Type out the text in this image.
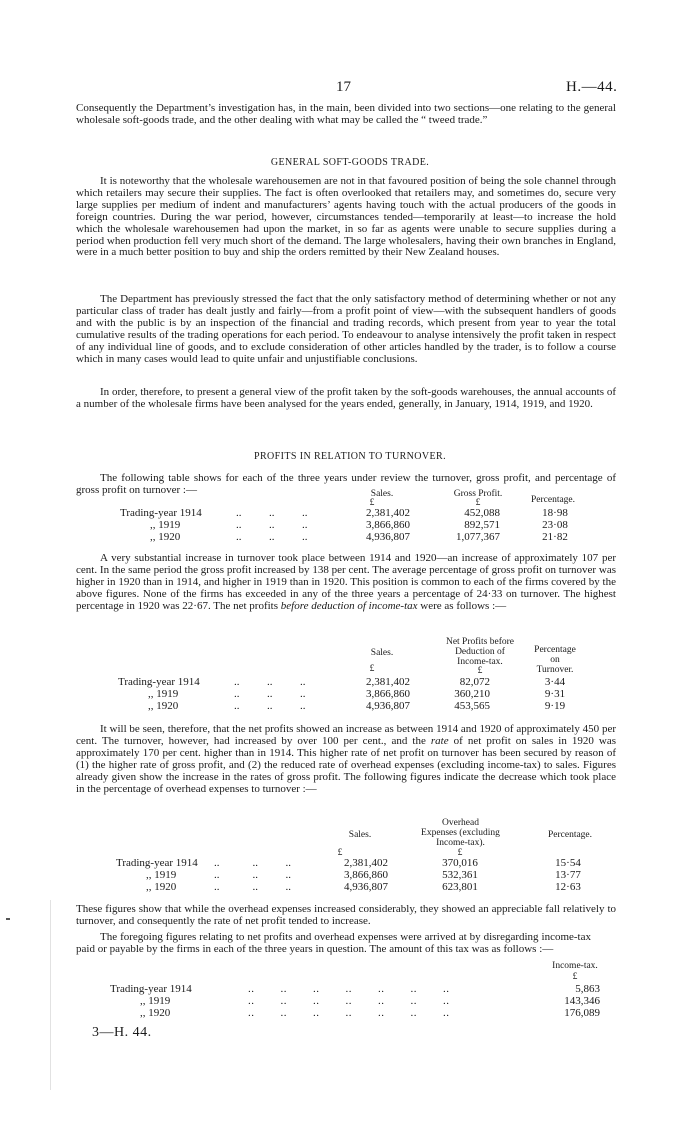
17	H.—44.

Consequently the Department’s investigation has, in the main, been divided into two sections—one relating to the general wholesale soft-goods trade, and the other dealing with what may be called the “ tweed trade.”

GENERAL SOFT-GOODS TRADE.

It is noteworthy that the wholesale warehousemen are not in that favoured position of being the sole channel through which retailers may secure their supplies. The fact is often overlooked that retailers may, and sometimes do, secure very large supplies per medium of indent and manufacturers’ agents having touch with the actual producers of the goods in foreign countries. During the war period, however, circumstances tended—temporarily at least—to increase the hold which the wholesale warehousemen had upon the market, in so far as agents were unable to secure supplies during a period when production fell very much short of the demand. The large wholesalers, having their own branches in England, were in a much better position to buy and ship the orders remitted by their New Zealand houses.

The Department has previously stressed the fact that the only satisfactory method of determining whether or not any particular class of trader has dealt justly and fairly—from a profit point of view—with the subsequent handlers of goods and with the public is by an inspection of the financial and trading records, which present from year to year the total cumulative results of the trading operations for each period. To endeavour to analyse intensively the profit taken in respect of any individual line of goods, and to exclude consideration of other articles handled by the trader, is to follow a course which in many cases would lead to quite unfair and unjustifiable conclusions.

In order, therefore, to present a general view of the profit taken by the soft-goods warehouses, the annual accounts of a number of the wholesale firms have been analysed for the years ended, generally, in January, 1914, 1919, and 1920.

PROFITS IN RELATION TO TURNOVER.

The following table shows for each of the three years under review the turnover, gross profit, and percentage of gross profit on turnover :—	Sales.	Gross Profit.
Percentage.
£	£
Trading-year 1914	..          ..          ..	2,381,402	452,088	18·98
,, 1919	..          ..          ..	3,866,860	892,571	23·08
,, 1920	..          ..          ..	4,936,807	1,077,367	21·82

A very substantial increase in turnover took place between 1914 and 1920—an increase of approximately 107 per cent. In the same period the gross profit increased by 138 per cent. The average percentage of gross profit on turnover was higher in 1920 than in 1914, and higher in 1919 than in 1920. This position is common to each of the firms covered by the above figures. None of the firms has exceeded in any of the three years a percentage of 24·33 on turnover. The highest percentage in 1920 was 22·67. The net profits before deduction of income-tax were as follows :—

Sales.
Net Profits before
Deduction of
Income-tax.
Percentage
on
Turnover.
£	£
Trading-year 1914	..          ..          ..	2,381,402	82,072	3·44
,, 1919	..          ..          ..	3,866,860	360,210	9·31
,, 1920	..          ..          ..	4,936,807	453,565	9·19

It will be seen, therefore, that the net profits showed an increase as between 1914 and 1920 of approximately 450 per cent. The turnover, however, had increased by over 100 per cent., and the rate of net profit on sales in 1920 was approximately 170 per cent. higher than in 1914. This higher rate of net profit on turnover has been secured by reason of (1) the higher rate of gross profit, and (2) the reduced rate of overhead expenses (excluding income-tax) to sales. Figures already given show the increase in the rates of gross profit. The following figures indicate the decrease which took place in the percentage of overhead expenses to turnover :—

Sales.
Overhead
Expenses (excluding
Income-tax).
Percentage.
£	£
Trading-year 1914 ..            ..          ..	2,381,402	370,016	15·54
,, 1919	..            ..          ..	3,866,860	532,361	13·77
,, 1920	..            ..          ..	4,936,807	623,801	12·63

These figures show that while the overhead expenses increased considerably, they showed an appreciable fall relatively to turnover, and consequently the rate of net profit tended to increase.

The foregoing figures relating to net profits and overhead expenses were arrived at by disregarding income-tax paid or payable by the firms in each of the three years in question. The amount of this tax was as follows :—

Income-tax.
£
Trading-year 1914	..        ..        ..        ..        ..        ..        ..	5,863
,, 1919	..        ..        ..        ..        ..        ..        ..	143,346
,, 1920	..        ..        ..        ..        ..        ..        ..	176,089
3—H. 44.
